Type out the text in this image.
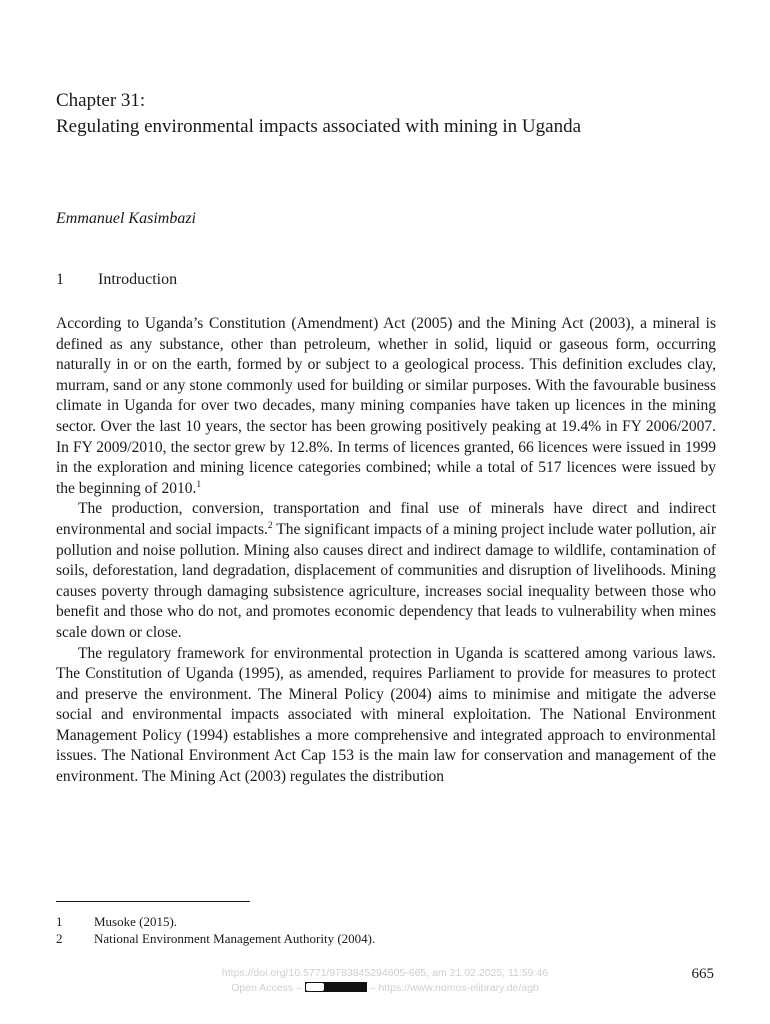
Chapter 31:
Regulating environmental impacts associated with mining in Uganda
Emmanuel Kasimbazi
1 Introduction

According to Uganda’s Constitution (Amendment) Act (2005) and the Mining Act (2003), a mineral is defined as any substance, other than petroleum, whether in solid, liquid or gaseous form, occurring naturally in or on the earth, formed by or subject to a geological process. This definition excludes clay, murram, sand or any stone commonly used for building or similar purposes. With the favourable business climate in Uganda for over two decades, many mining companies have taken up licences in the mining sector. Over the last 10 years, the sector has been growing positively peaking at 19.4% in FY 2006/2007. In FY 2009/2010, the sector grew by 12.8%. In terms of licences granted, 66 licences were issued in 1999 in the exploration and mining licence categories combined; while a total of 517 licences were issued by the beginning of 2010.$^1$

The production, conversion, transportation and final use of minerals have direct and indirect environmental and social impacts.$^2$ The significant impacts of a mining project include water pollution, air pollution and noise pollution. Mining also causes direct and indirect damage to wildlife, contamination of soils, deforestation, land degradation, displacement of communities and disruption of livelihoods. Mining causes poverty through damaging subsistence agriculture, increases social inequality between those who benefit and those who do not, and promotes economic dependency that leads to vulnerability when mines scale down or close.

The regulatory framework for environmental protection in Uganda is scattered among various laws. The Constitution of Uganda (1995), as amended, requires Parliament to provide for measures to protect and preserve the environment. The Mineral Policy (2004) aims to minimise and mitigate the adverse social and environmental impacts associated with mineral exploitation. The National Environment Management Policy (1994) establishes a more comprehensive and integrated approach to environmental issues. The National Environment Act Cap 153 is the main law for conservation and management of the environment. The Mining Act (2003) regulates the distribution

1 Musoke (2015).
2 National Environment Management Authority (2004).
https://doi.org/10.5771/9783845294605-665, am 21.02.2025, 11:59:46
Open Access –	– https://www.nomos-elibrary.de/agb
665
